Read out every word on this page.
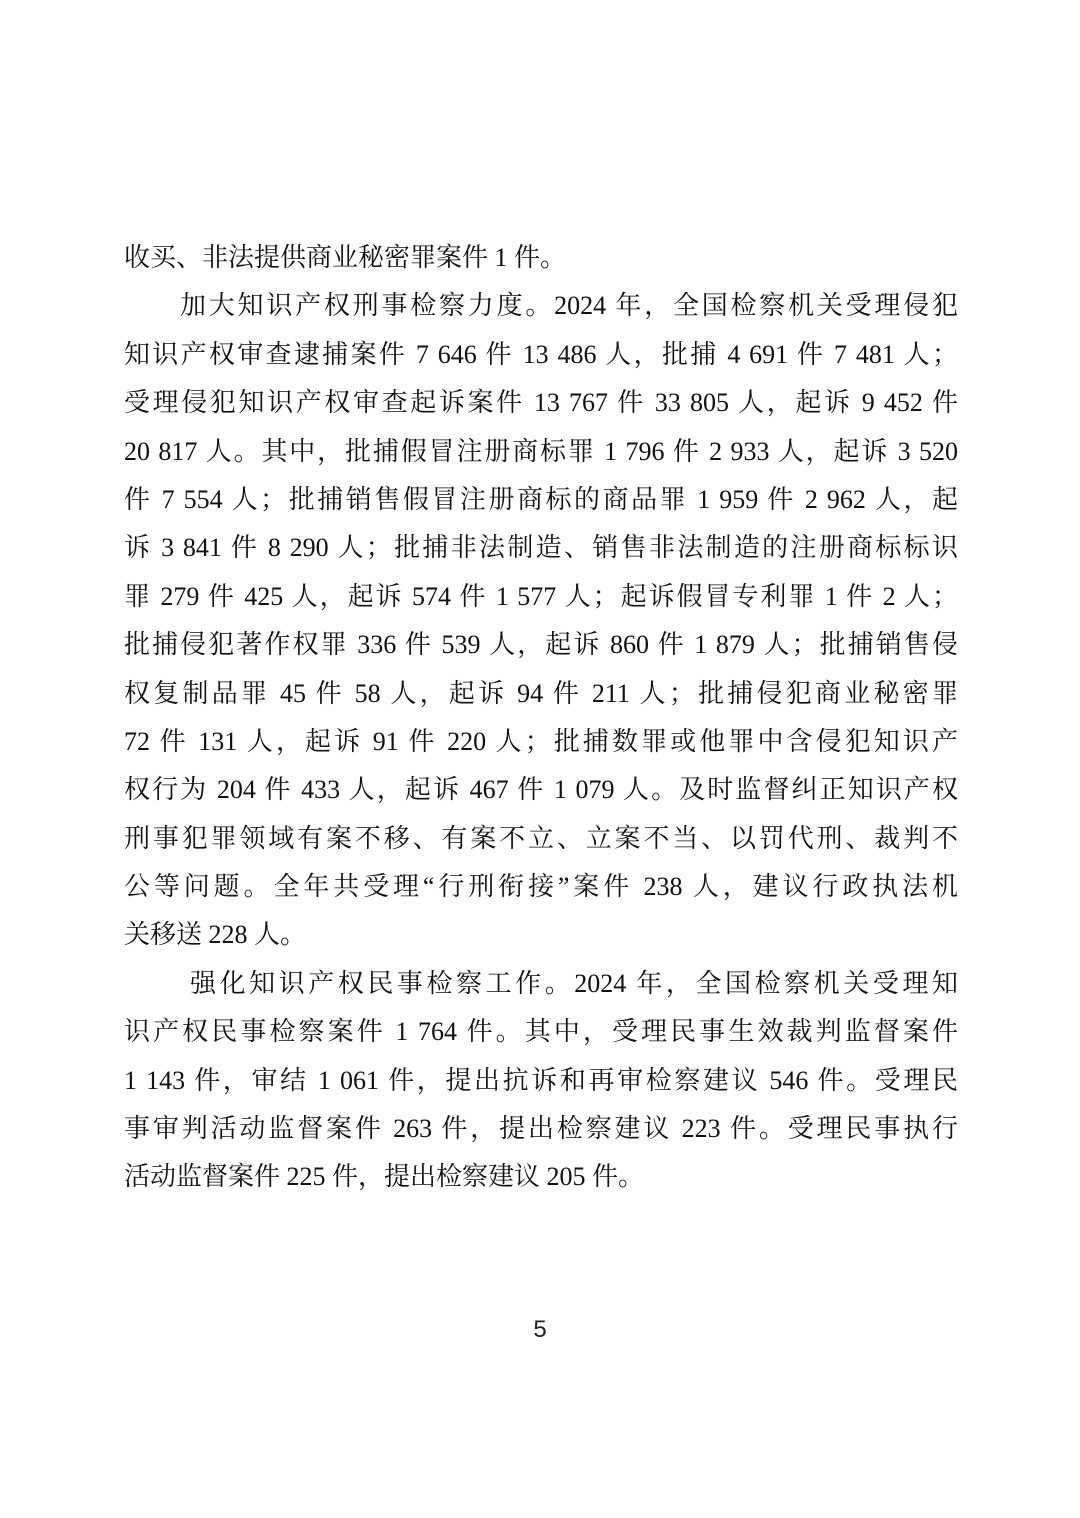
收买、非法提供商业秘密罪案件 1 件。
加大知识产权刑事检察力度。2024 年，全国检察机关受理侵犯
知识产权审查逮捕案件 7 646 件 13 486 人，批捕 4 691 件 7 481 人；
受理侵犯知识产权审查起诉案件 13 767 件 33 805 人，起诉 9 452 件
20 817 人。其中，批捕假冒注册商标罪 1 796 件 2 933 人，起诉 3 520
件 7 554 人；批捕销售假冒注册商标的商品罪 1 959 件 2 962 人，起
诉 3 841 件 8 290 人；批捕非法制造、销售非法制造的注册商标标识
罪 279 件 425 人，起诉 574 件 1 577 人；起诉假冒专利罪 1 件 2 人；
批捕侵犯著作权罪 336 件 539 人，起诉 860 件 1 879 人；批捕销售侵
权复制品罪 45 件 58 人，起诉 94 件 211 人；批捕侵犯商业秘密罪
72 件 131 人，起诉 91 件 220 人；批捕数罪或他罪中含侵犯知识产
权行为 204 件 433 人，起诉 467 件 1 079 人。及时监督纠正知识产权
刑事犯罪领域有案不移、有案不立、立案不当、以罚代刑、裁判不
公等问题。全年共受理“行刑衔接”案件 238 人，建议行政执法机
关移送 228 人。
强化知识产权民事检察工作。2024 年，全国检察机关受理知
识产权民事检察案件 1 764 件。其中，受理民事生效裁判监督案件
1 143 件，审结 1 061 件，提出抗诉和再审检察建议 546 件。受理民
事审判活动监督案件 263 件，提出检察建议 223 件。受理民事执行
活动监督案件 225 件，提出检察建议 205 件。
5
